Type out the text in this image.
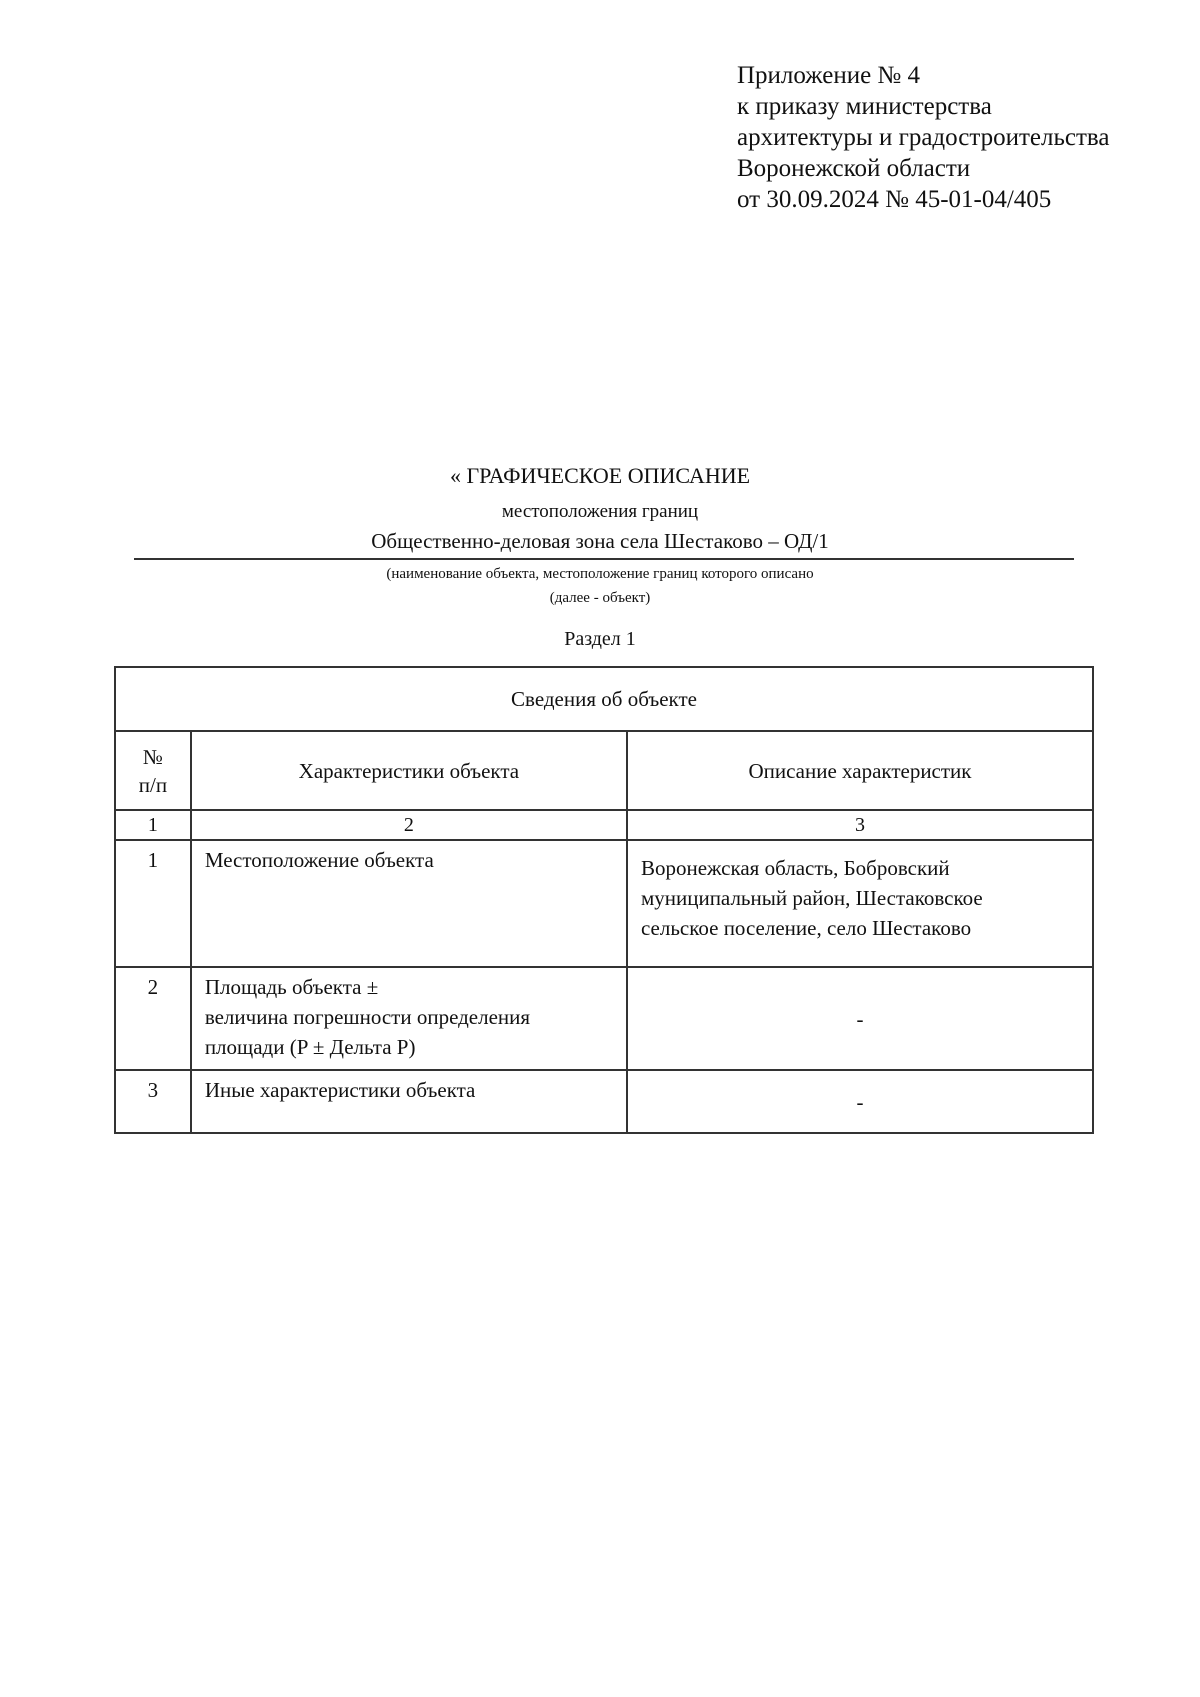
Приложение № 4
к приказу министерства
архитектуры и градостроительства
Воронежской области
от 30.09.2024 № 45-01-04/405
« ГРАФИЧЕСКОЕ ОПИСАНИЕ
местоположения границ
Общественно-деловая зона села Шестаково – ОД/1
(наименование объекта, местоположение границ которого описано
(далее - объект)
Раздел 1
Сведения об объекте		

№
п/п	Характеристики объекта	Описание характеристик
1	2	3
1	Местоположение объекта	Воронежская область, Бобровский
муниципальный район, Шестаковское
сельское поселение, село Шестаково

2	Площадь объекта ±
величина погрешности определения
площади (P ± Дельта P)	-

3	Иные характеристики объекта	-
